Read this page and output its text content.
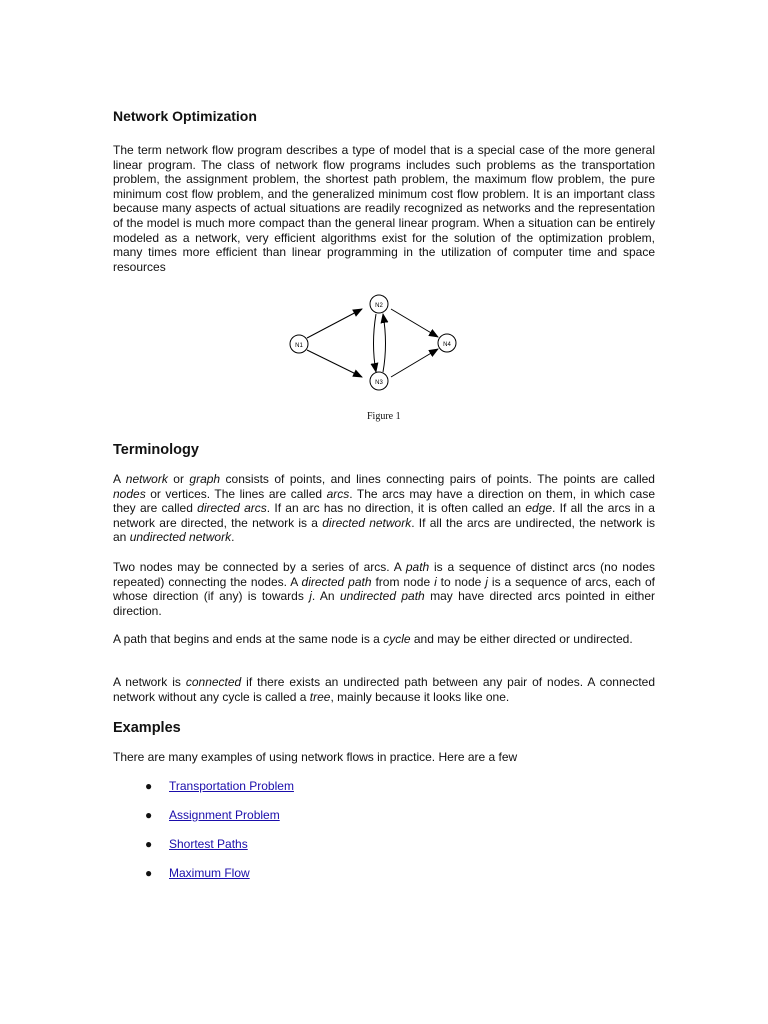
Network Optimization

The term network flow program describes a type of model that is a special case of the more general linear program. The class of network flow programs includes such problems as the transportation problem, the assignment problem, the shortest path problem, the maximum flow problem, the pure minimum cost flow problem, and the generalized minimum cost flow problem. It is an important class because many aspects of actual situations are readily recognized as networks and the representation of the model is much more compact than the general linear program. When a situation can be entirely modeled as a network, very efficient algorithms exist for the solution of the optimization problem, many times more efficient than linear programming in the utilization of computer time and space resources

N1
N2
N3
N4
Figure 1
Terminology

A network or graph consists of points, and lines connecting pairs of points. The points are called nodes or vertices. The lines are called arcs. The arcs may have a direction on them, in which case they are called directed arcs. If an arc has no direction, it is often called an edge. If all the arcs in a network are directed, the network is a directed network. If all the arcs are undirected, the network is an undirected network.

Two nodes may be connected by a series of arcs. A path is a sequence of distinct arcs (no nodes repeated) connecting the nodes. A directed path from node i to node j is a sequence of arcs, each of whose direction (if any) is towards j. An undirected path may have directed arcs pointed in either direction.

A path that begins and ends at the same node is a cycle and may be either directed or undirected.

A network is connected if there exists an undirected path between any pair of nodes. A connected network without any cycle is called a tree, mainly because it looks like one.

Examples

There are many examples of using network flows in practice. Here are a few

● Transportation Problem
● Assignment Problem
● Shortest Paths
● Maximum Flow
